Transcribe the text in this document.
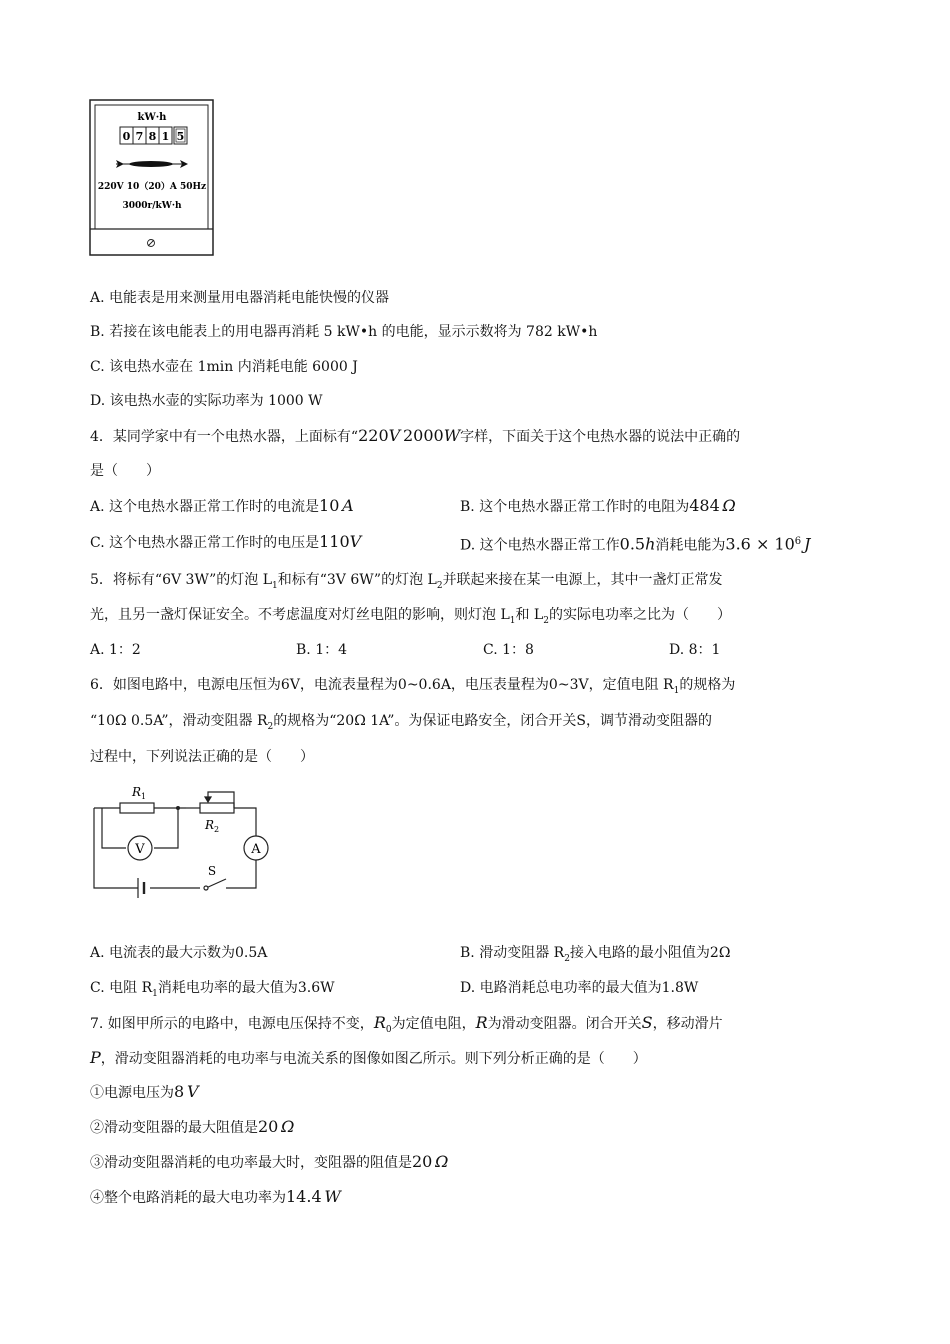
kW·h
0 7 8 1 5
220V 10（20）A 50Hz
3000r/kW·h
A. 电能表是用来测量用电器消耗电能快慢的仪器
B. 若接在该电能表上的用电器再消耗 5 kW•h 的电能，显示示数将为 782 kW•h
C. 该电热水壶在 1min 内消耗电能 6000 J
D. 该电热水壶的实际功率为 1000 W
4．某同学家中有一个电热水器，上面标有“220V  2000W字样，下面关于这个电热水器的说法中正确的
是（　　）
A. 这个电热水器正常工作时的电流是10  A	B. 这个电热水器正常工作时的电阻为484  Ω
C. 这个电热水器正常工作时的电压是110V	D. 这个电热水器正常工作0.5h消耗电能为$3.6 \times 10^6$  J
5．将标有“6V 3W”的灯泡 $L_1$和标有“3V 6W”的灯泡 $L_2$并联起来接在某一电源上，其中一盏灯正常发
光，且另一盏灯保证安全。不考虑温度对灯丝电阻的影响，则灯泡 $L_1$和 $L_2$的实际电功率之比为（　　）
A. 1：2	B. 1：4	C. 1：8	D. 8：1
6．如图电路中，电源电压恒为6V，电流表量程为0~0.6A，电压表量程为0~3V，定值电阻 $R_1$的规格为
“10Ω 0.5A”，滑动变阻器 $R_2$的规格为“20Ω 1A”。为保证电路安全，闭合开关S，调节滑动变阻器的
过程中，下列说法正确的是（　　）
$R_1$
$R_2$
V	A
S
A. 电流表的最大示数为0.5A	B. 滑动变阻器 $R_2$接入电路的最小阻值为2Ω
C. 电阻 $R_1$消耗电功率的最大值为3.6W	D. 电路消耗总电功率的最大值为1.8W
7. 如图甲所示的电路中，电源电压保持不变，$R_0$为定值电阻，R为滑动变阻器。闭合开关S，移动滑片
P，滑动变阻器消耗的电功率与电流关系的图像如图乙所示。则下列分析正确的是（　　）
①电源电压为8  V
②滑动变阻器的最大阻值是20  Ω
③滑动变阻器消耗的电功率最大时，变阻器的阻值是20  Ω
④整个电路消耗的最大电功率为14.4  W
